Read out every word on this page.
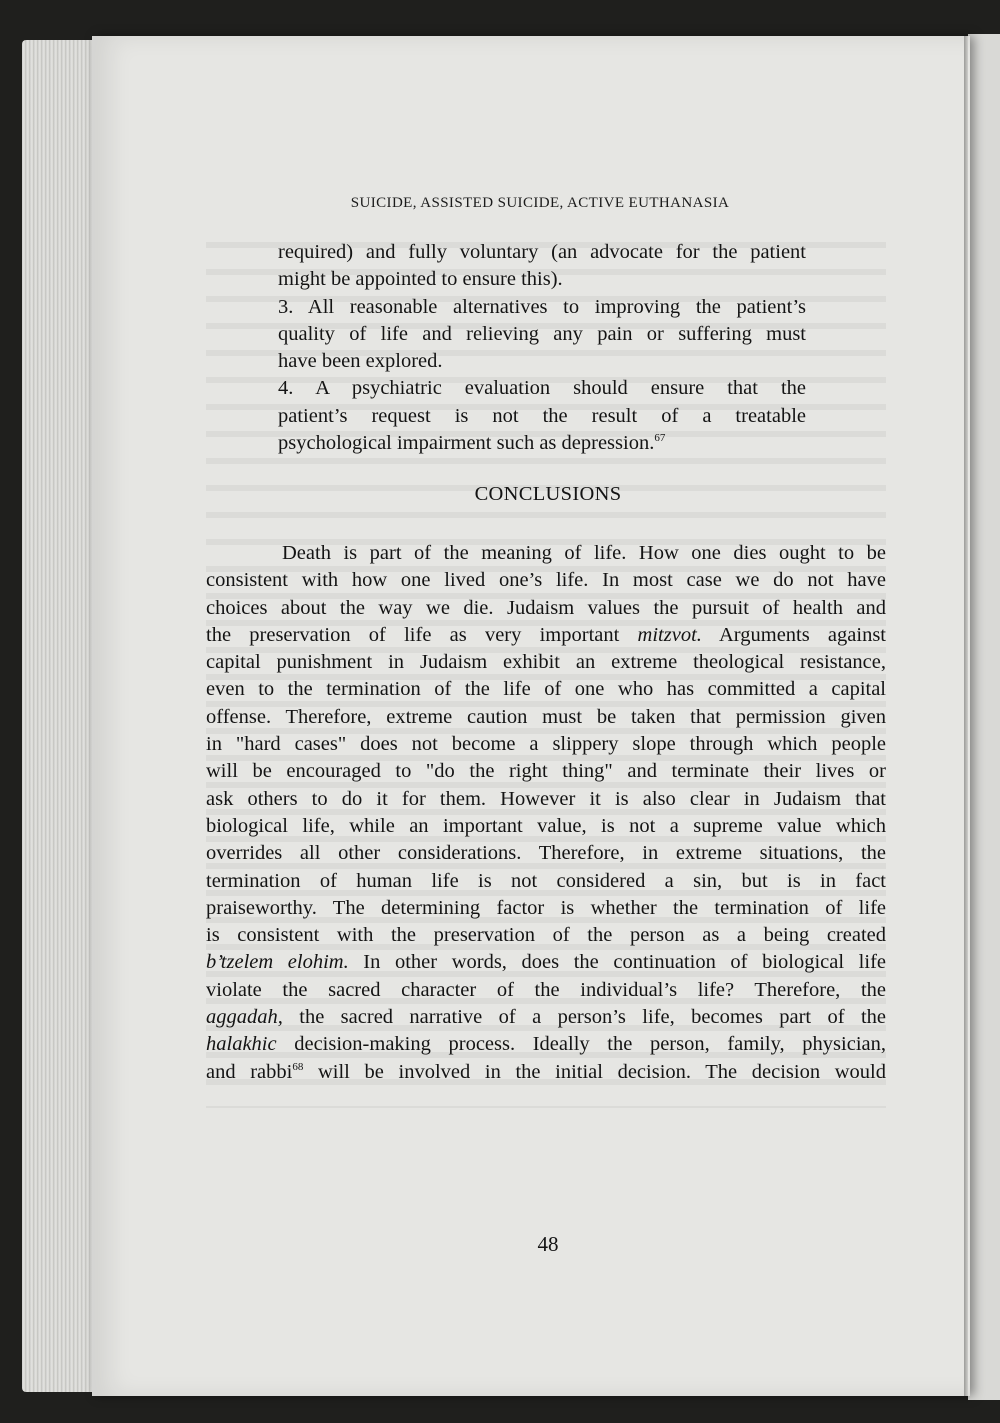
SUICIDE, ASSISTED SUICIDE, ACTIVE EUTHANASIA
required) and fully voluntary (an advocate for the patient
might be appointed to ensure this).
3. All reasonable alternatives to improving the patient’s
quality of life and relieving any pain or suffering must
have been explored.
4. A psychiatric evaluation should ensure that the
patient’s request is not the result of a treatable
psychological impairment such as depression.$^{67}$
CONCLUSIONS
Death is part of the meaning of life. How one dies ought to be
consistent with how one lived one’s life. In most case we do not have
choices about the way we die. Judaism values the pursuit of health and
the preservation of life as very important mitzvot. Arguments against
capital punishment in Judaism exhibit an extreme theological resistance,
even to the termination of the life of one who has committed a capital
offense. Therefore, extreme caution must be taken that permission given
in "hard cases" does not become a slippery slope through which people
will be encouraged to "do the right thing" and terminate their lives or
ask others to do it for them. However it is also clear in Judaism that
biological life, while an important value, is not a supreme value which
overrides all other considerations. Therefore, in extreme situations, the
termination of human life is not considered a sin, but is in fact
praiseworthy. The determining factor is whether the termination of life
is consistent with the preservation of the person as a being created
b’tzelem elohim. In other words, does the continuation of biological life
violate the sacred character of the individual’s life? Therefore, the
aggadah, the sacred narrative of a person’s life, becomes part of the
halakhic decision-making process. Ideally the person, family, physician,
and rabbi$^{68}$ will be involved in the initial decision. The decision would
48
